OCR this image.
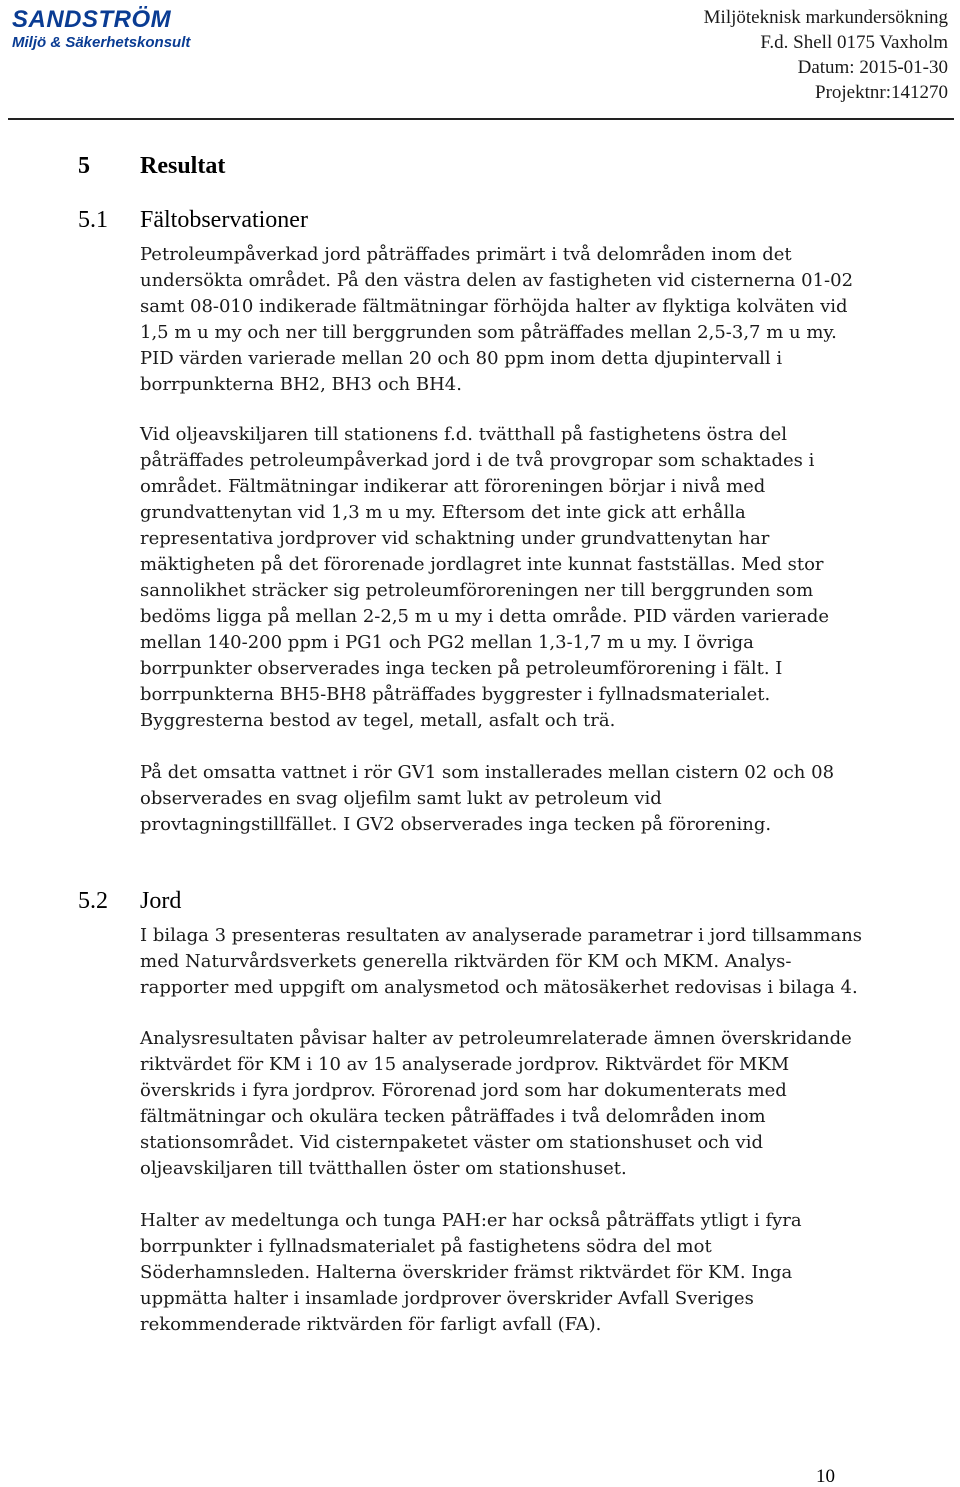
SANDSTRÖM
Miljö & Säkerhetskonsult
Miljöteknisk markundersökning
F.d. Shell 0175 Vaxholm
Datum: 2015-01-30
Projektnr:141270
5 Resultat
5.1 Fältobservationer

Petroleumpåverkad jord påträffades primärt i två delområden inom det
undersökta området. På den västra delen av fastigheten vid cisternerna 01-02
samt 08-010 indikerade fältmätningar förhöjda halter av flyktiga kolväten vid
1,5 m u my och ner till berggrunden som påträffades mellan 2,5-3,7 m u my.
PID värden varierade mellan 20 och 80 ppm inom detta djupintervall i
borrpunkterna BH2, BH3 och BH4.

Vid oljeavskiljaren till stationens f.d. tvätthall på fastighetens östra del
påträffades petroleumpåverkad jord i de två provgropar som schaktades i
området. Fältmätningar indikerar att föroreningen börjar i nivå med
grundvattenytan vid 1,3 m u my. Eftersom det inte gick att erhålla
representativa jordprover vid schaktning under grundvattenytan har
mäktigheten på det förorenade jordlagret inte kunnat fastställas. Med stor
sannolikhet sträcker sig petroleumföroreningen ner till berggrunden som
bedöms ligga på mellan 2-2,5 m u my i detta område. PID värden varierade
mellan 140-200 ppm i PG1 och PG2 mellan 1,3-1,7 m u my. I övriga
borrpunkter observerades inga tecken på petroleumförorening i fält. I
borrpunkterna BH5-BH8 påträffades byggrester i fyllnadsmaterialet.
Byggresterna bestod av tegel, metall, asfalt och trä.

På det omsatta vattnet i rör GV1 som installerades mellan cistern 02 och 08
observerades en svag oljefilm samt lukt av petroleum vid
provtagningstillfället. I GV2 observerades inga tecken på förorening.

5.2 Jord

I bilaga 3 presenteras resultaten av analyserade parametrar i jord tillsammans
med Naturvårdsverkets generella riktvärden för KM och MKM. Analys-
rapporter med uppgift om analysmetod och mätosäkerhet redovisas i bilaga 4.

Analysresultaten påvisar halter av petroleumrelaterade ämnen överskridande
riktvärdet för KM i 10 av 15 analyserade jordprov. Riktvärdet för MKM
överskrids i fyra jordprov. Förorenad jord som har dokumenterats med
fältmätningar och okulära tecken påträffades i två delområden inom
stationsområdet. Vid cisternpaketet väster om stationshuset och vid
oljeavskiljaren till tvätthallen öster om stationshuset.

Halter av medeltunga och tunga PAH:er har också påträffats ytligt i fyra
borrpunkter i fyllnadsmaterialet på fastighetens södra del mot
Söderhamnsleden. Halterna överskrider främst riktvärdet för KM. Inga
uppmätta halter i insamlade jordprover överskrider Avfall Sveriges
rekommenderade riktvärden för farligt avfall (FA).

10
